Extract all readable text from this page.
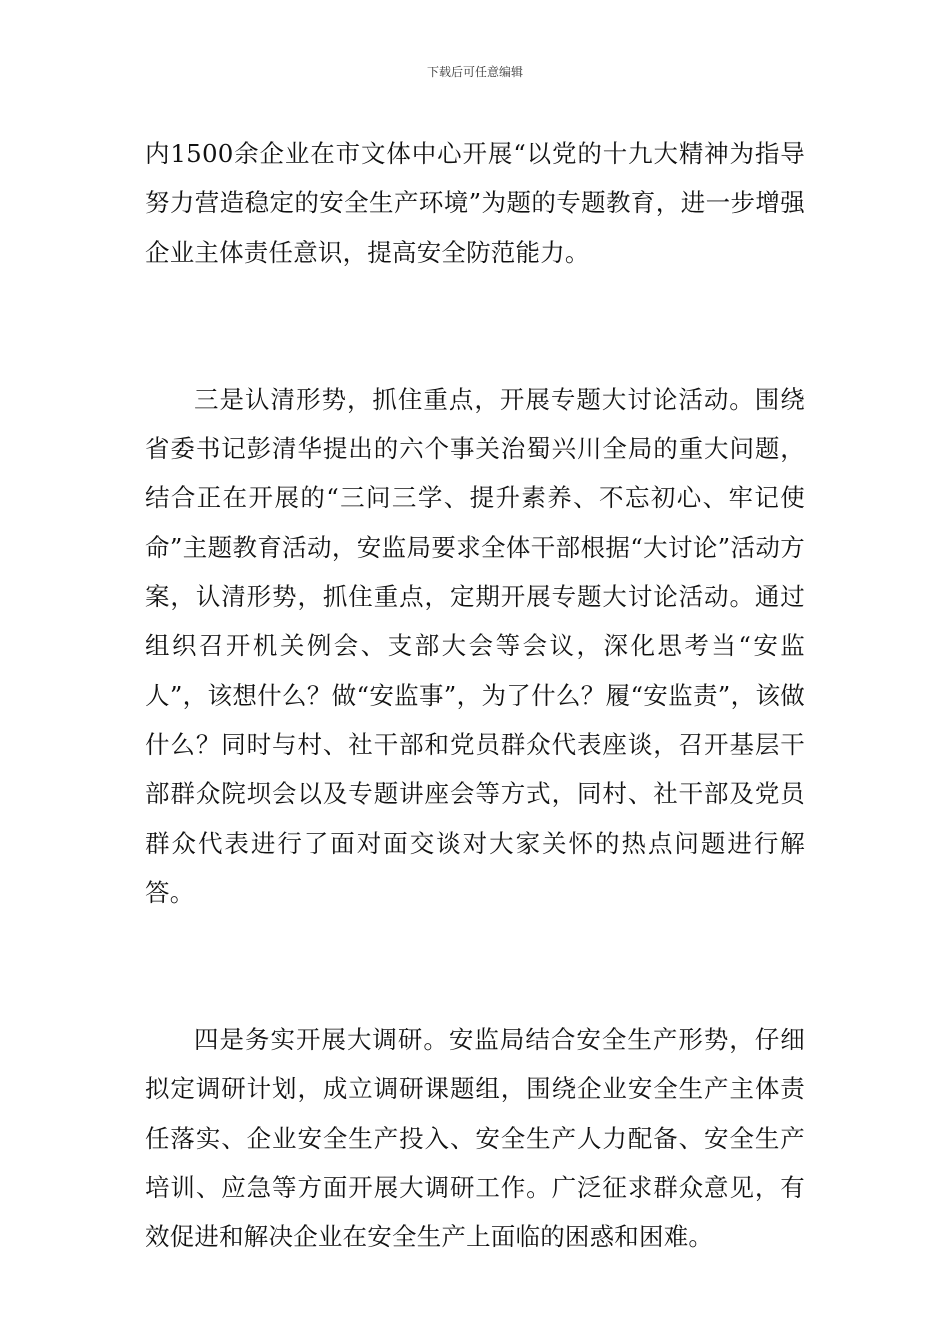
下载后可任意编辑

内1500余企业在市文体中心开展“以党的十九大精神为指导 努力营造稳定的安全生产环境”为题的专题教育，进一步增强企业主体责任意识，提高安全防范能力。

三是认清形势，抓住重点，开展专题大讨论活动。围绕省委书记彭清华提出的六个事关治蜀兴川全局的重大问题，结合正在开展的“三问三学、提升素养、不忘初心、牢记使命”主题教育活动，安监局要求全体干部根据“大讨论”活动方案，认清形势，抓住重点，定期开展专题大讨论活动。通过组织召开机关例会、支部大会等会议，深化思考当“安监人”，该想什么？做“安监事”，为了什么？履“安监责”，该做什么？同时与村、社干部和党员群众代表座谈，召开基层干部群众院坝会以及专题讲座会等方式，同村、社干部及党员群众代表进行了面对面交谈对大家关怀的热点问题进行解答。

四是务实开展大调研。安监局结合安全生产形势，仔细拟定调研计划，成立调研课题组，围绕企业安全生产主体责任落实、企业安全生产投入、安全生产人力配备、安全生产培训、应急等方面开展大调研工作。广泛征求群众意见，有效促进和解决企业在安全生产上面临的困惑和困难。
